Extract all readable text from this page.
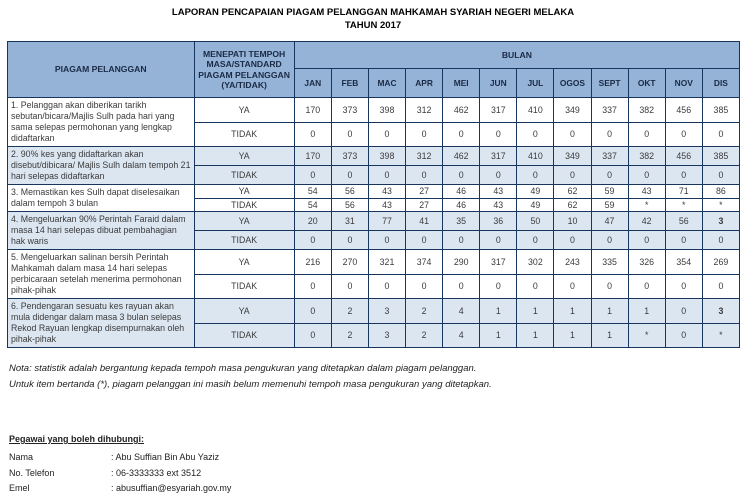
LAPORAN PENCAPAIAN PIAGAM PELANGGAN MAHKAMAH SYARIAH NEGERI MELAKA
TAHUN 2017
PIAGAM PELANGGAN	MENEPATI TEMPOH MASA/STANDARD PIAGAM PELANGGAN (YA/TIDAK)	BULAN											
		JAN	FEB	MAC	APR	MEI	JUN	JUL	OGOS	SEPT	OKT	NOV	DIS
1. Pelanggan akan diberikan tarikh sebutan/bicara/Majlis Sulh pada hari yang sama selepas permohonan yang lengkap didaftarkan	YA	170	373	398	312	462	317	410	349	337	382	456	385
	TIDAK	0	0	0	0	0	0	0	0	0	0	0	0
2. 90% kes yang didaftarkan akan disebut/dibicara/ Majlis Sulh dalam tempoh 21 hari selepas didaftarkan	YA	170	373	398	312	462	317	410	349	337	382	456	385
	TIDAK	0	0	0	0	0	0	0	0	0	0	0	0
3. Memastikan kes Sulh dapat diselesaikan dalam tempoh 3 bulan	YA	54	56	43	27	46	43	49	62	59	43	71	86
	TIDAK	54	56	43	27	46	43	49	62	59	*	*	*
4. Mengeluarkan 90% Perintah Faraid dalam masa 14 hari selepas dibuat pembahagian hak waris	YA	20	31	77	41	35	36	50	10	47	42	56	3
	TIDAK	0	0	0	0	0	0	0	0	0	0	0	0
5. Mengeluarkan salinan bersih Perintah Mahkamah dalam masa 14 hari selepas perbicaraan setelah menerima permohonan pihak-pihak	YA	216	270	321	374	290	317	302	243	335	326	354	269
	TIDAK	0	0	0	0	0	0	0	0	0	0	0	0
6. Pendengaran sesuatu kes rayuan akan mula didengar dalam masa 3 bulan selepas Rekod Rayuan lengkap disempurnakan oleh pihak-pihak	YA	0	2	3	2	4	1	1	1	1	1	0	3
	TIDAK	0	2	3	2	4	1	1	1	1	*	0	*
Nota: statistik adalah bergantung kepada tempoh masa pengukuran yang ditetapkan dalam piagam pelanggan.
Untuk item bertanda (*), piagam pelanggan ini masih belum memenuhi tempoh masa pengukuran yang ditetapkan.
Pegawai yang boleh dihubungi:
Nama	: Abu Suffian Bin Abu Yaziz
No. Telefon	: 06-3333333 ext 3512
Emel	: abusuffian@esyariah.gov.my
